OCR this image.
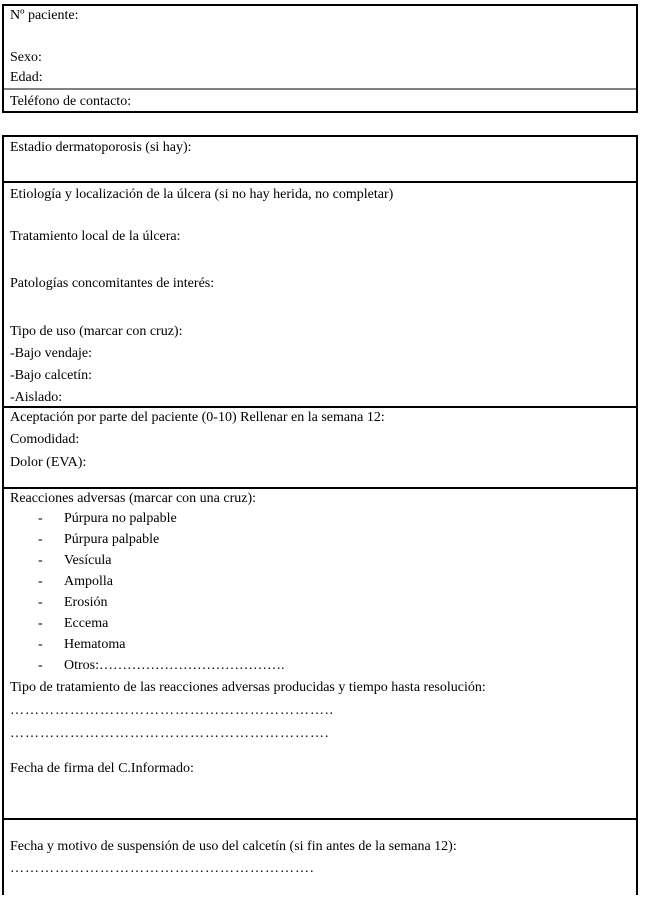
Nº paciente:
Sexo:
Edad:
Teléfono de contacto:
Estadio dermatoporosis (si hay):
Etiología y localización de la úlcera (si no hay herida, no completar)
Tratamiento local de la úlcera:
Patologías concomitantes de interés:
Tipo de uso (marcar con cruz):
-Bajo vendaje:
-Bajo calcetín:
-Aislado:
Aceptación por parte del paciente (0-10) Rellenar en la semana 12:
Comodidad:
Dolor (EVA):
Reacciones adversas (marcar con una cruz):
- Púrpura no palpable
- Púrpura palpable
- Vesícula
- Ampolla
- Erosión
- Eccema
- Hematoma
- Otros:………………………………….
Tipo de tratamiento de las reacciones adversas producidas y tiempo hasta resolución:
………………………………………………………..
……………………………………………………….
Fecha de firma del C.Informado:
Fecha y motivo de suspensión de uso del calcetín (si fin antes de la semana 12):
…………………………………………………….
